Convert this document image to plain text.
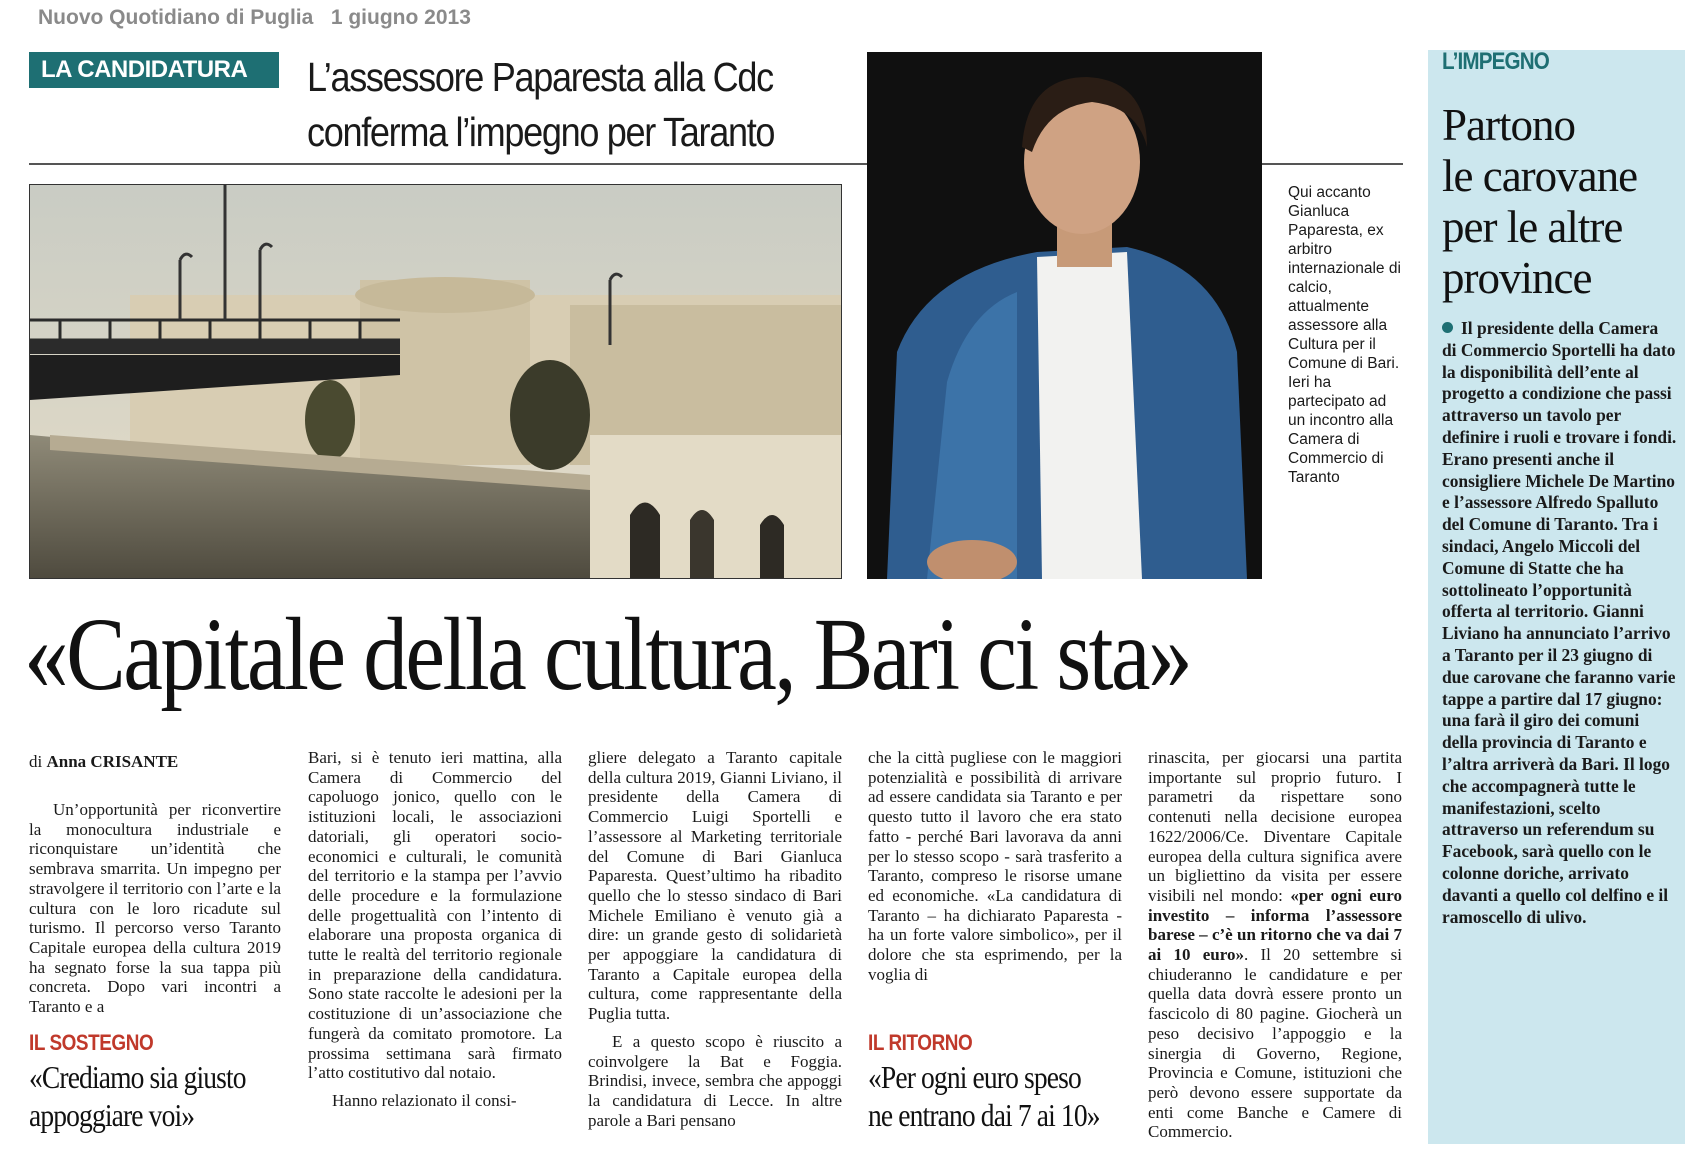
Nuovo Quotidiano di Puglia 1 giugno 2013
LA CANDIDATURA	L’assessore Paparesta alla Cdc
conferma l’impegno per Taranto
Qui accanto Gianluca Paparesta, ex arbitro internazionale di calcio, attualmente assessore alla Cultura per il Comune di Bari. Ieri ha partecipato ad un incontro alla Camera di Commercio di Taranto
«Capitale della cultura, Bari ci sta»
di Anna CRISANTE

Un’opportunità per riconvertire la monocultura industriale e riconquistare un’identità che sembrava smarrita. Un impegno per stravolgere il territorio con l’arte e la cultura con le loro ricadute sul turismo. Il percorso verso Taranto Capitale europea della cultura 2019 ha segnato forse la sua tappa più concreta. Dopo vari incontri a Taranto e a

IL SOSTEGNO
«Crediamo sia giusto
appoggiare voi»

Bari, si è tenuto ieri mattina, alla Camera di Commercio del capoluogo jonico, quello con le istituzioni locali, le associazioni datoriali, gli operatori socio-economici e culturali, le comunità del territorio e la stampa per l’avvio delle procedure e la formulazione delle progettualità con l’intento di elaborare una proposta organica di tutte le realtà del territorio regionale in preparazione della candidatura. Sono state raccolte le adesioni per la costituzione di un’associazione che fungerà da comitato promotore. La prossima settimana sarà firmato l’atto costitutivo dal notaio.

Hanno relazionato il consi-

gliere delegato a Taranto capitale della cultura 2019, Gianni Liviano, il presidente della Camera di Commercio Luigi Sportelli e l’assessore al Marketing territoriale del Comune di Bari Gianluca Paparesta. Quest’ultimo ha ribadito quello che lo stesso sindaco di Bari Michele Emiliano è venuto già a dire: un grande gesto di solidarietà per appoggiare la candidatura di Taranto a Capitale europea della cultura, come rappresentante della Puglia tutta.

E a questo scopo è riuscito a coinvolgere la Bat e Foggia. Brindisi, invece, sembra che appoggi la candidatura di Lecce. In altre parole a Bari pensano

che la città pugliese con le maggiori potenzialità e possibilità di arrivare ad essere candidata sia Taranto e per questo tutto il lavoro che era stato fatto - perché Bari lavorava da anni per lo stesso scopo - sarà trasferito a Taranto, compreso le risorse umane ed economiche. «La candidatura di Taranto – ha dichiarato Paparesta - ha un forte valore simbolico», per il dolore che sta esprimendo, per la voglia di

IL RITORNO
«Per ogni euro speso
ne entrano dai 7 ai 10»

rinascita, per giocarsi una partita importante sul proprio futuro. I parametri da rispettare sono contenuti nella decisione europea 1622/2006/Ce. Diventare Capitale europea della cultura significa avere un bigliettino da visita per essere visibili nel mondo: «per ogni euro investito – informa l’assessore barese – c’è un ritorno che va dai 7 ai 10 euro». Il 20 settembre si chiuderanno le candidature e per quella data dovrà essere pronto un fascicolo di 80 pagine. Giocherà un peso decisivo l’appoggio e la sinergia di Governo, Regione, Provincia e Comune, istituzioni che però devono essere supportate da enti come Banche e Camere di Commercio.

L’IMPEGNO
Partono
le carovane
per le altre
province
Il presidente della Camera di Commercio Sportelli ha dato la disponibilità dell’ente al progetto a condizione che passi attraverso un tavolo per definire i ruoli e trovare i fondi. Erano presenti anche il consigliere Michele De Martino e l’assessore Alfredo Spalluto del Comune di Taranto. Tra i sindaci, Angelo Miccoli del Comune di Statte che ha sottolineato l’opportunità offerta al territorio. Gianni Liviano ha annunciato l’arrivo a Taranto per il 23 giugno di due carovane che faranno varie tappe a partire dal 17 giugno: una farà il giro dei comuni della provincia di Taranto e l’altra arriverà da Bari. Il logo che accompagnerà tutte le manifestazioni, scelto attraverso un referendum su Facebook, sarà quello con le colonne doriche, arrivato davanti a quello col delfino e il ramoscello di ulivo.
